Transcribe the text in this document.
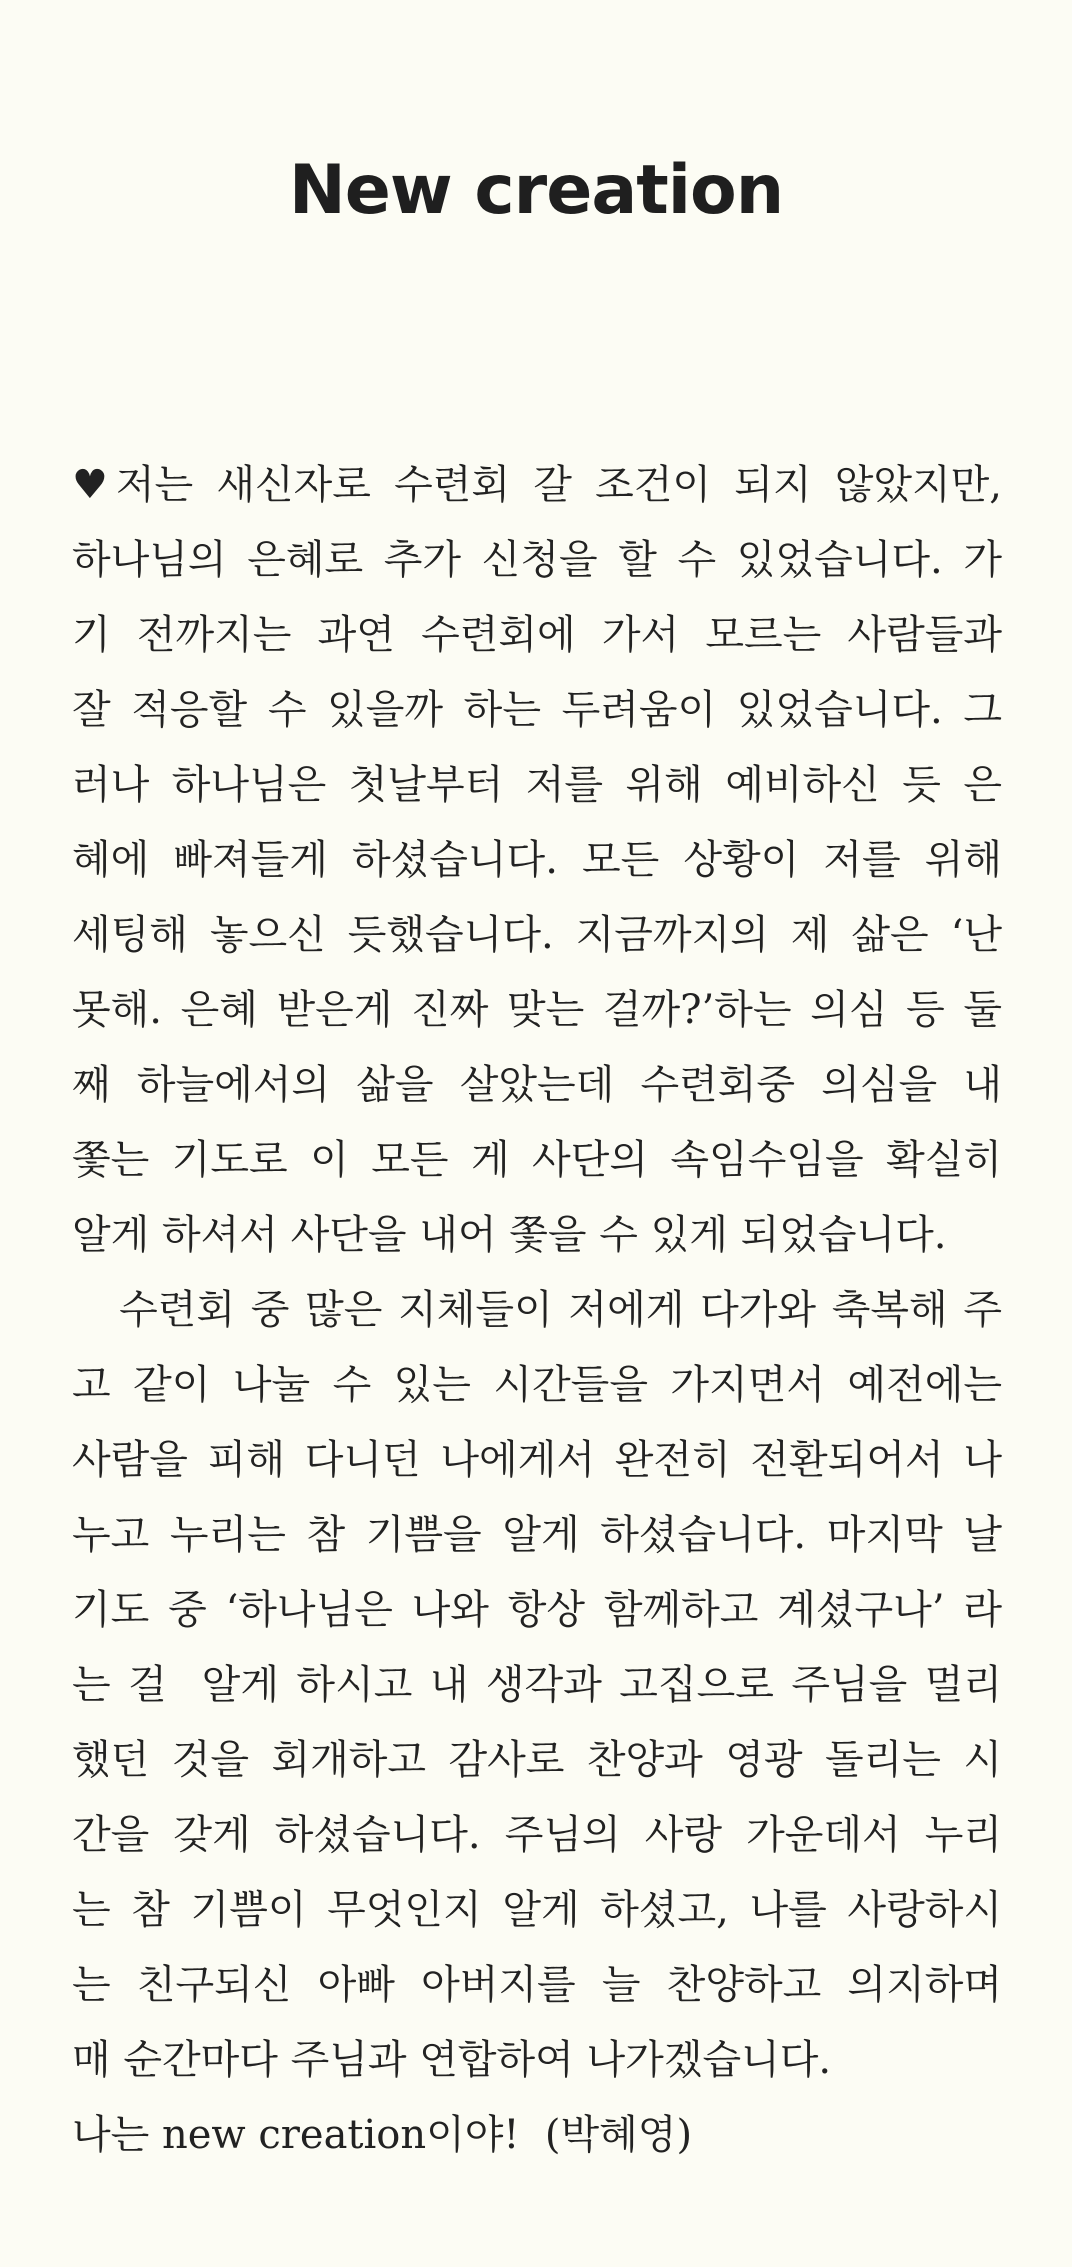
New creation
♥ 저는 새신자로 수련회 갈 조건이 되지 않았지만,
하나님의 은혜로 추가 신청을 할 수 있었습니다. 가
기 전까지는 과연 수련회에 가서 모르는 사람들과
잘 적응할 수 있을까 하는 두려움이 있었습니다. 그
러나 하나님은 첫날부터 저를 위해 예비하신 듯 은
혜에 빠져들게 하셨습니다. 모든 상황이 저를 위해
세팅해 놓으신 듯했습니다. 지금까지의 제 삶은 ‘난
못해. 은혜 받은게 진짜 맞는 걸까?’하는 의심 등 둘
째 하늘에서의 삶을 살았는데 수련회중 의심을 내
쫓는 기도로 이 모든 게 사단의 속임수임을 확실히
알게 하셔서 사단을 내어 쫓을 수 있게 되었습니다.
수련회 중 많은 지체들이 저에게 다가와 축복해 주
고 같이 나눌 수 있는 시간들을 가지면서 예전에는
사람을 피해 다니던 나에게서 완전히 전환되어서 나
누고 누리는 참 기쁨을 알게 하셨습니다. 마지막 날
기도 중 ‘하나님은 나와 항상 함께하고 계셨구나’ 라
는 걸  알게 하시고 내 생각과 고집으로 주님을 멀리
했던 것을 회개하고 감사로 찬양과 영광 돌리는 시
간을 갖게 하셨습니다. 주님의 사랑 가운데서 누리
는 참 기쁨이 무엇인지 알게 하셨고, 나를 사랑하시
는 친구되신 아빠 아버지를 늘 찬양하고 의지하며
매 순간마다 주님과 연합하여 나가겠습니다.
나는 new creation이야!  (박혜영)
